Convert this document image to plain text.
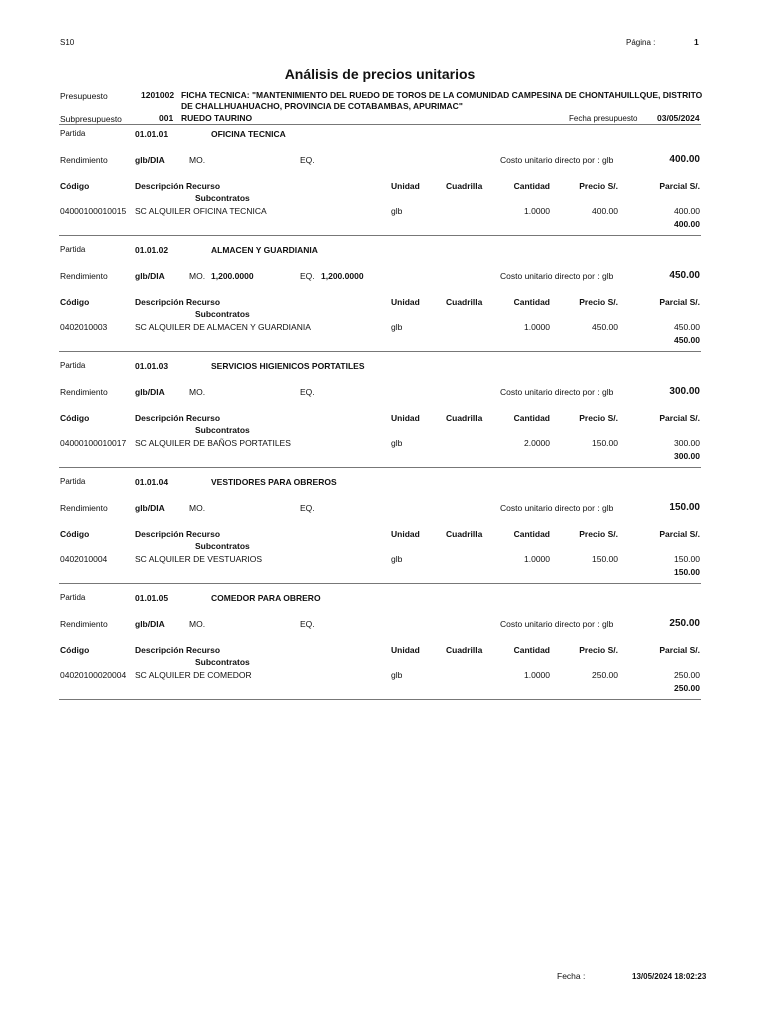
S10	Página :	1
Análisis de precios unitarios
Presupuesto	1201002 FICHA TECNICA: "MANTENIMIENTO DEL RUEDO DE TOROS DE LA COMUNIDAD CAMPESINA DE CHONTAHUILLQUE, DISTRITO
DE CHALLHUAHUACHO, PROVINCIA DE COTABAMBAS, APURIMAC"
Subpresupuesto	001 RUEDO TAURINO	Fecha presupuesto 03/05/2024
Partida	01.01.01	OFICINA TECNICA
Rendimiento	glb/DIA	MO.	EQ.	Costo unitario directo por : glb	400.00
Código	Descripción Recurso	Unidad	Cuadrilla	Cantidad	Precio S/.	Parcial S/.
Subcontratos
04000100010015 SC ALQUILER OFICINA TECNICA	glb	1.0000	400.00	400.00
400.00
Partida	01.01.02	ALMACEN Y GUARDIANIA
Rendimiento	glb/DIA	MO. 1,200.0000	EQ. 1,200.0000	Costo unitario directo por : glb	450.00
Código	Descripción Recurso	Unidad	Cuadrilla	Cantidad	Precio S/.	Parcial S/.
Subcontratos
0402010003	SC ALQUILER DE ALMACEN Y GUARDIANIA	glb	1.0000	450.00	450.00
450.00
Partida	01.01.03	SERVICIOS HIGIENICOS PORTATILES
Rendimiento	glb/DIA	MO.	EQ.	Costo unitario directo por : glb	300.00
Código	Descripción Recurso	Unidad	Cuadrilla	Cantidad	Precio S/.	Parcial S/.
Subcontratos
04000100010017 SC ALQUILER DE BAÑOS PORTATILES	glb	2.0000	150.00	300.00
300.00
Partida	01.01.04	VESTIDORES PARA OBREROS
Rendimiento	glb/DIA	MO.	EQ.	Costo unitario directo por : glb	150.00
Código	Descripción Recurso	Unidad	Cuadrilla	Cantidad	Precio S/.	Parcial S/.
Subcontratos
0402010004	SC ALQUILER DE VESTUARIOS	glb	1.0000	150.00	150.00
150.00
Partida	01.01.05	COMEDOR PARA OBRERO
Rendimiento	glb/DIA	MO.	EQ.	Costo unitario directo por : glb	250.00
Código	Descripción Recurso	Unidad	Cuadrilla	Cantidad	Precio S/.	Parcial S/.
Subcontratos
04020100020004 SC ALQUILER DE COMEDOR	glb	1.0000	250.00	250.00
250.00
Fecha :	13/05/2024 18:02:23
